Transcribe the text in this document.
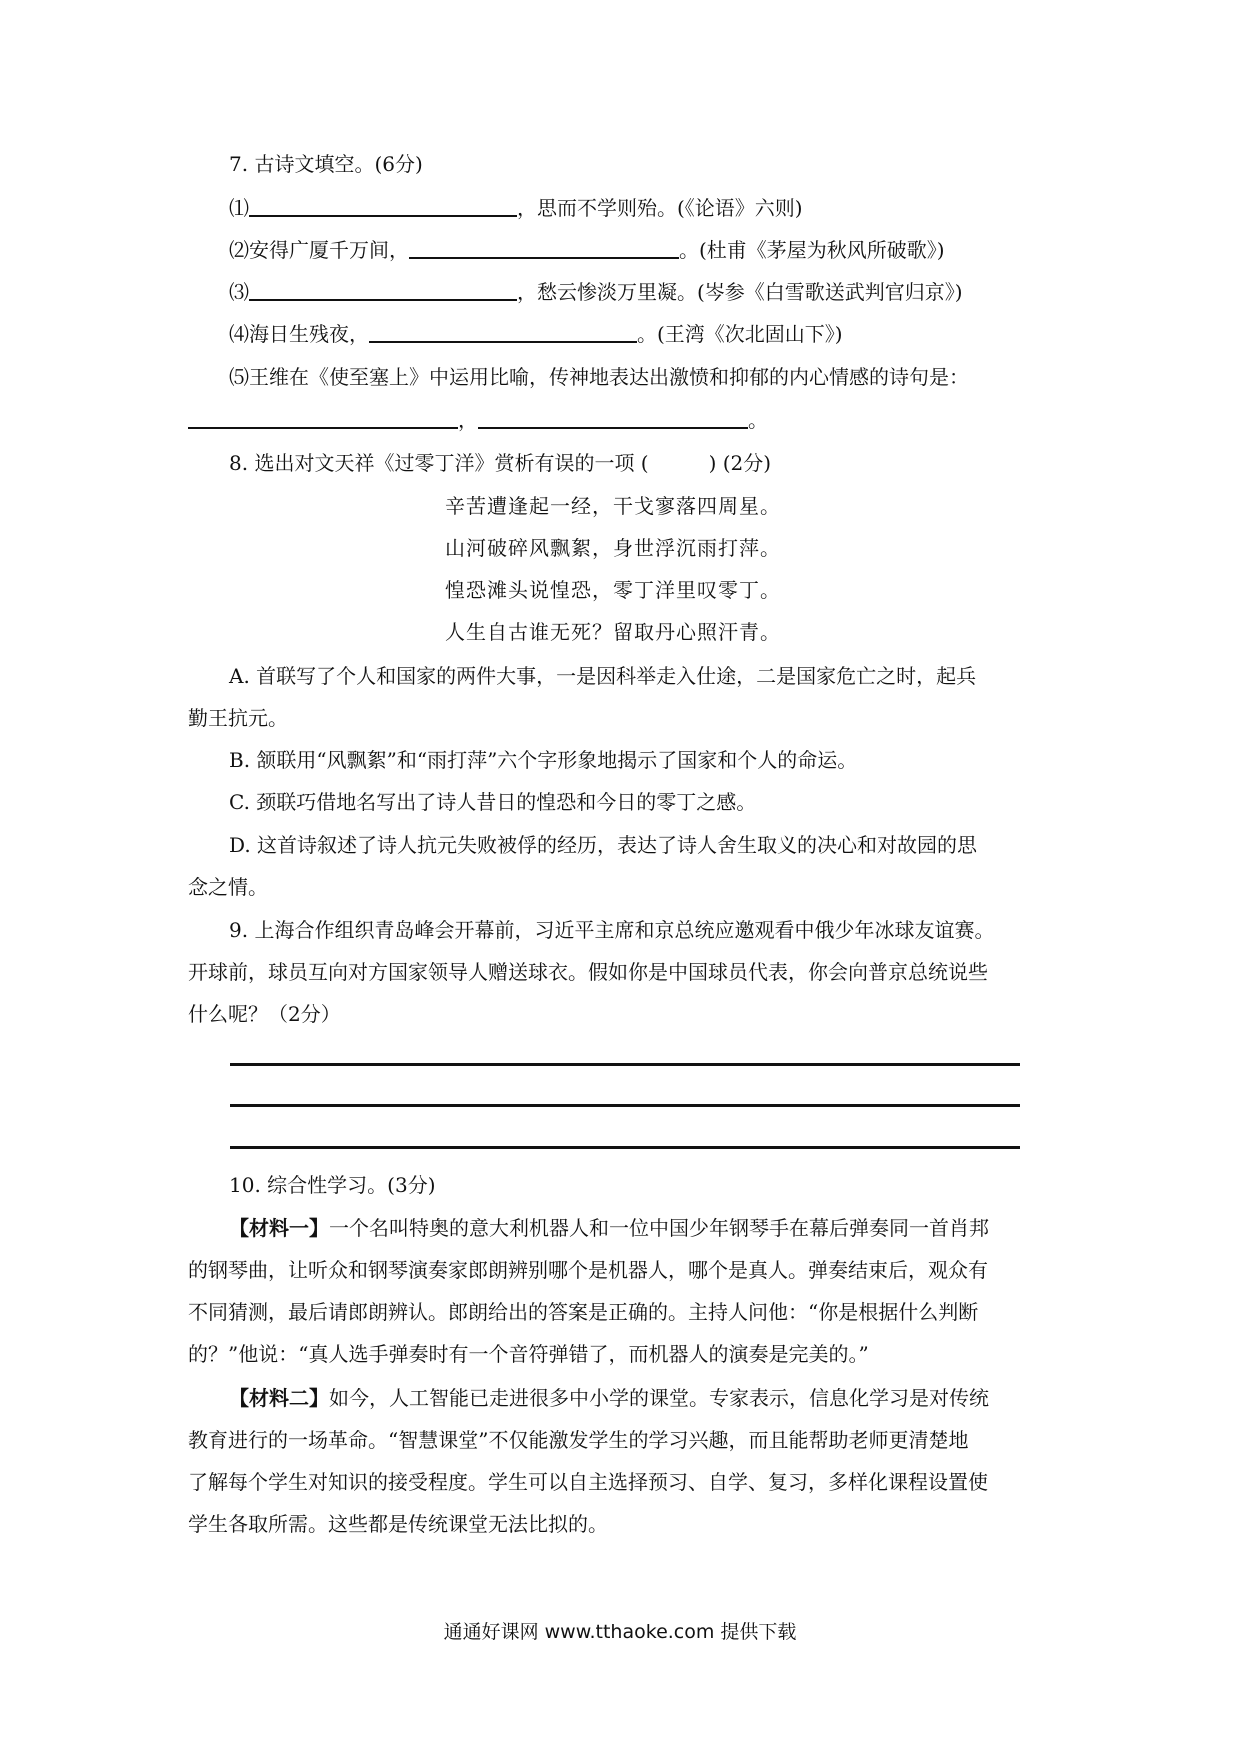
7. 古诗文填空。(6分)
⑴	，思而不学则殆。(《论语》六则)
⑵安得广厦千万间，	。(杜甫《茅屋为秋风所破歌》)
⑶	，愁云惨淡万里凝。(岑参《白雪歌送武判官归京》)
⑷海日生残夜，	。(王湾《次北固山下》)
⑸王维在《使至塞上》中运用比喻，传神地表达出激愤和抑郁的内心情感的诗句是：
，	。
8. 选出对文天祥《过零丁洋》赏析有误的一项 (　　　) (2分)
辛苦遭逢起一经，干戈寥落四周星。
山河破碎风飘絮，身世浮沉雨打萍。
惶恐滩头说惶恐，零丁洋里叹零丁。
人生自古谁无死？留取丹心照汗青。
A. 首联写了个人和国家的两件大事，一是因科举走入仕途，二是国家危亡之时，起兵
勤王抗元。
B. 颔联用“风飘絮”和“雨打萍”六个字形象地揭示了国家和个人的命运。
C. 颈联巧借地名写出了诗人昔日的惶恐和今日的零丁之感。
D. 这首诗叙述了诗人抗元失败被俘的经历，表达了诗人舍生取义的决心和对故园的思
念之情。
9. 上海合作组织青岛峰会开幕前，习近平主席和京总统应邀观看中俄少年冰球友谊赛。
开球前，球员互向对方国家领导人赠送球衣。假如你是中国球员代表，你会向普京总统说些
什么呢？（2分）
10. 综合性学习。(3分)
【材料一】一个名叫特奥的意大利机器人和一位中国少年钢琴手在幕后弹奏同一首肖邦
的钢琴曲，让听众和钢琴演奏家郎朗辨别哪个是机器人，哪个是真人。弹奏结束后，观众有
不同猜测，最后请郎朗辨认。郎朗给出的答案是正确的。主持人问他：“你是根据什么判断
的？”他说：“真人选手弹奏时有一个音符弹错了，而机器人的演奏是完美的。”
【材料二】如今，人工智能已走进很多中小学的课堂。专家表示，信息化学习是对传统
教育进行的一场革命。“智慧课堂”不仅能激发学生的学习兴趣，而且能帮助老师更清楚地
了解每个学生对知识的接受程度。学生可以自主选择预习、自学、复习，多样化课程设置使
学生各取所需。这些都是传统课堂无法比拟的。
通通好课网 www.tthaoke.com 提供下载
